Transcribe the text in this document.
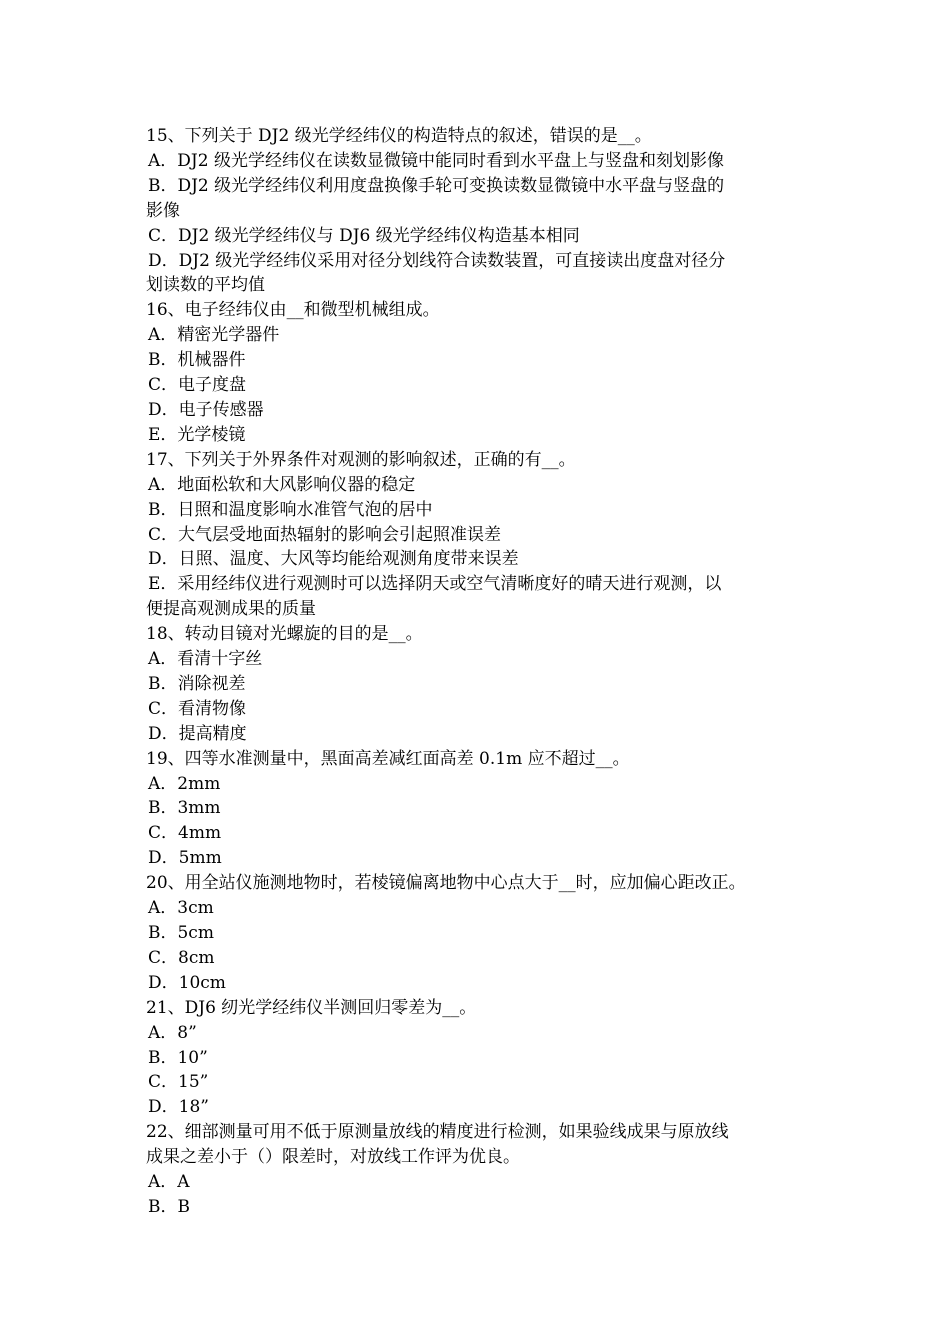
15、下列关于 DJ2 级光学经纬仪的构造特点的叙述，错误的是__。
A．DJ2 级光学经纬仪在读数显微镜中能同时看到水平盘上与竖盘和刻划影像
B．DJ2 级光学经纬仪利用度盘换像手轮可变换读数显微镜中水平盘与竖盘的
影像
C．DJ2 级光学经纬仪与 DJ6 级光学经纬仪构造基本相同
D．DJ2 级光学经纬仪采用对径分划线符合读数装置，可直接读出度盘对径分
划读数的平均值
16、电子经纬仪由__和微型机械组成。
A．精密光学器件
B．机械器件
C．电子度盘
D．电子传感器
E．光学棱镜
17、下列关于外界条件对观测的影响叙述，正确的有__。
A．地面松软和大风影响仪器的稳定
B．日照和温度影响水准管气泡的居中
C．大气层受地面热辐射的影响会引起照准误差
D．日照、温度、大风等均能给观测角度带来误差
E．采用经纬仪进行观测时可以选择阴天或空气清晰度好的晴天进行观测，以
便提高观测成果的质量
18、转动目镜对光螺旋的目的是__。
A．看清十字丝
B．消除视差
C．看清物像
D．提高精度
19、四等水准测量中，黑面高差减红面高差 0.1m 应不超过__。
A．2mm
B．3mm
C．4mm
D．5mm
20、用全站仪施测地物时，若棱镜偏离地物中心点大于__时，应加偏心距改正。
A．3cm
B．5cm
C．8cm
D．10cm
21、DJ6 纫光学经纬仪半测回归零差为__。
A．8”
B．10”
C．15”
D．18”
22、细部测量可用不低于原测量放线的精度进行检测，如果验线成果与原放线
成果之差小于（）限差时，对放线工作评为优良。
A．A
B．B
